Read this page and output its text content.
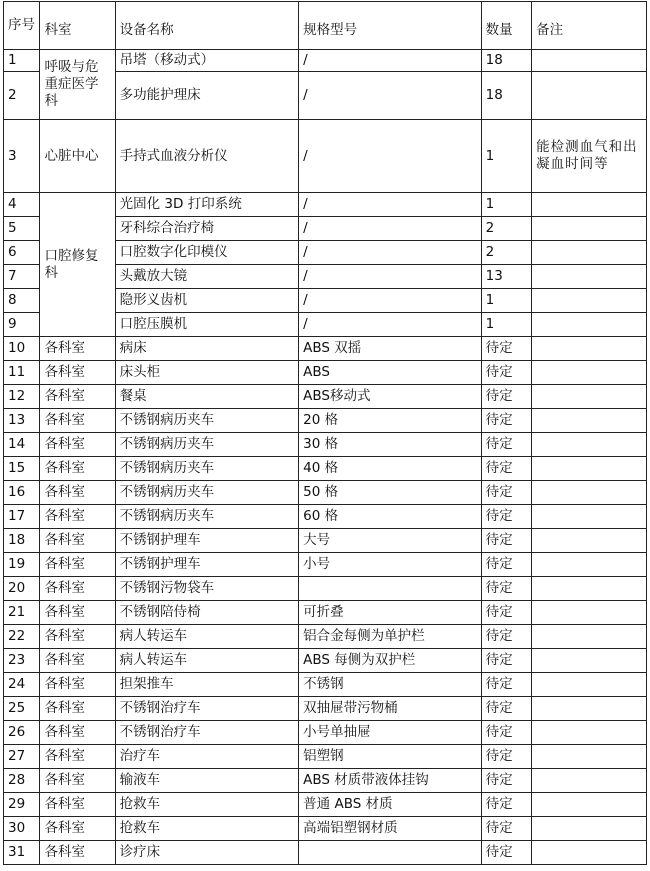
序号	科室	设备名称	规格型号	数量	备注
1	呼吸与危重症医学科	吊塔（移动式）	/	18	
2		多功能护理床	/	18	
3	心脏中心	手持式血液分析仪	/	1	能检测血气和出凝血时间等
4	口腔修复科	光固化 3D 打印系统	/	1	
5		牙科综合治疗椅	/	2	
6		口腔数字化印模仪	/	2	
7		头戴放大镜	/	13	
8		隐形义齿机	/	1	
9		口腔压膜机	/	1	
10	各科室	病床	ABS 双摇	待定	
11	各科室	床头柜	ABS	待定	
12	各科室	餐桌	ABS移动式	待定	
13	各科室	不锈钢病历夹车	20 格	待定	
14	各科室	不锈钢病历夹车	30 格	待定	
15	各科室	不锈钢病历夹车	40 格	待定	
16	各科室	不锈钢病历夹车	50 格	待定	
17	各科室	不锈钢病历夹车	60 格	待定	
18	各科室	不锈钢护理车	大号	待定	
19	各科室	不锈钢护理车	小号	待定	
20	各科室	不锈钢污物袋车		待定	
21	各科室	不锈钢陪侍椅	可折叠	待定	
22	各科室	病人转运车	铝合金每侧为单护栏	待定	
23	各科室	病人转运车	ABS 每侧为双护栏	待定	
24	各科室	担架推车	不锈钢	待定	
25	各科室	不锈钢治疗车	双抽屉带污物桶	待定	
26	各科室	不锈钢治疗车	小号单抽屉	待定	
27	各科室	治疗车	铝塑钢	待定	
28	各科室	输液车	ABS 材质带液体挂钩	待定	
29	各科室	抢救车	普通 ABS 材质	待定	
30	各科室	抢救车	高端铝塑钢材质	待定	
31	各科室	诊疗床		待定	
